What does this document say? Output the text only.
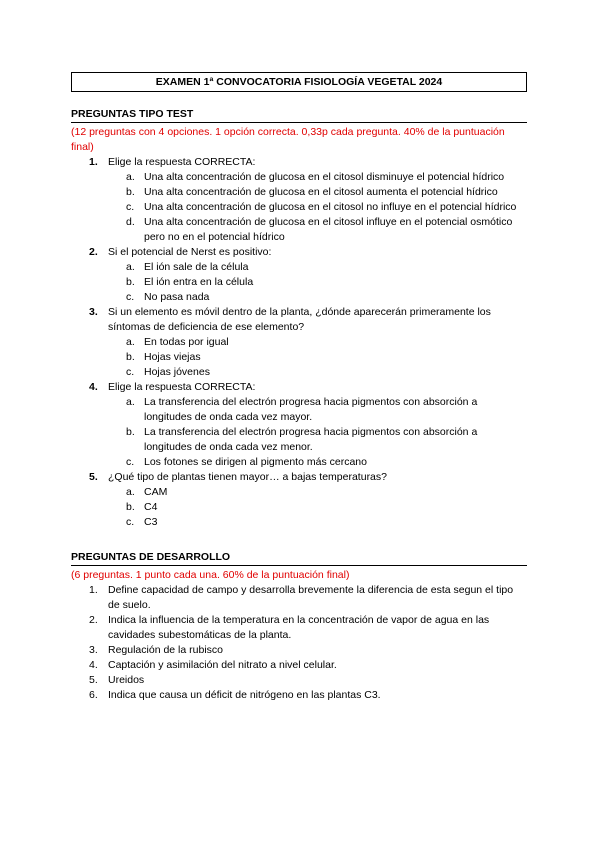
EXAMEN 1ª CONVOCATORIA FISIOLOGÍA VEGETAL 2024
PREGUNTAS TIPO TEST
(12 preguntas con 4 opciones. 1 opción correcta. 0,33p cada pregunta. 40% de la puntuación final)
1. Elige la respuesta CORRECTA:
a. Una alta concentración de glucosa en el citosol disminuye el potencial hídrico
b. Una alta concentración de glucosa en el citosol aumenta el potencial hídrico
c. Una alta concentración de glucosa en el citosol no influye en el potencial hídrico
d. Una alta concentración de glucosa en el citosol influye en el potencial osmótico pero no en el potencial hídrico
2. Si el potencial de Nerst es positivo:
a. El ión sale de la célula
b. El ión entra en la célula
c. No pasa nada
3. Si un elemento es móvil dentro de la planta, ¿dónde aparecerán primeramente los síntomas de deficiencia de ese elemento?
a. En todas por igual
b. Hojas viejas
c. Hojas jóvenes
4. Elige la respuesta CORRECTA:
a. La transferencia del electrón progresa hacia pigmentos con absorción a longitudes de onda cada vez mayor.
b. La transferencia del electrón progresa hacia pigmentos con absorción a longitudes de onda cada vez menor.
c. Los fotones se dirigen al pigmento más cercano
5. ¿Qué tipo de plantas tienen mayor… a bajas temperaturas?
a. CAM
b. C4
c. C3
PREGUNTAS DE DESARROLLO
(6 preguntas. 1 punto cada una. 60% de la puntuación final)
1. Define capacidad de campo y desarrolla brevemente la diferencia de esta segun el tipo de suelo.
2. Indica la influencia de la temperatura en la concentración de vapor de agua en las cavidades subestomáticas de la planta.
3. Regulación de la rubisco
4. Captación y asimilación del nitrato a nivel celular.
5. Ureidos
6. Indica que causa un déficit de nitrógeno en las plantas C3.
